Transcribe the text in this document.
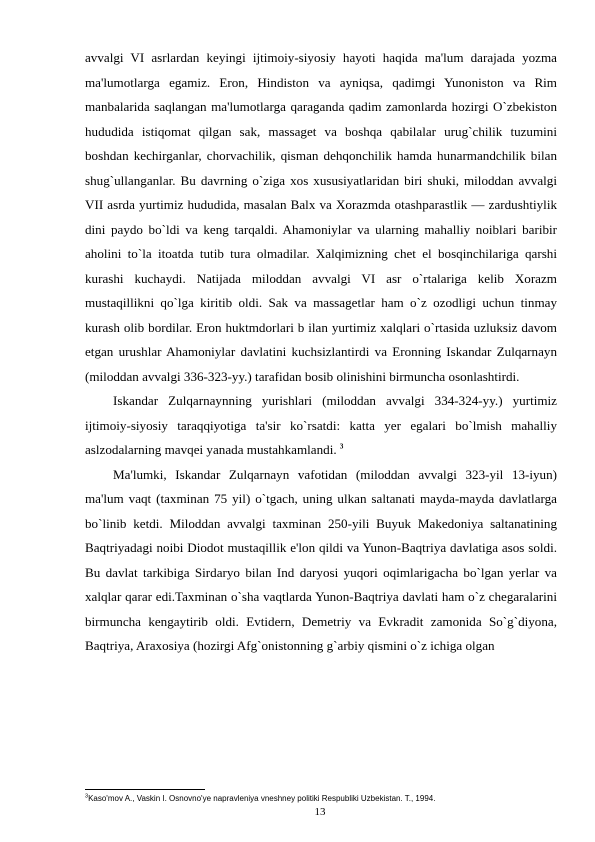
avvalgi VI asrlardan keyingi ijtimoiy-siyosiy hayoti haqida ma'lum darajada yozma ma'lumotlarga egamiz. Eron, Hindiston va ayniqsa, qadimgi Yunoniston va Rim manbalarida saqlangan ma'lumotlarga qaraganda qadim zamonlarda hozirgi O`zbekiston hududida istiqomat qilgan sak, massaget va boshqa qabilalar urug`chilik tuzumini boshdan kechirganlar, chorvachilik, qisman dehqonchilik hamda hunarmandchilik bilan shug`ullanganlar. Bu davrning o`ziga xos xususiyatlaridan biri shuki, miloddan avvalgi VII asrda yurtimiz hududida, masalan Balx va Xorazmda otashparastlik — zardushtiylik dini paydo bo`ldi va keng tarqaldi. Ahamoniylar va ularning mahalliy noiblari baribir aholini to`la itoatda tutib tura olmadilar. Xalqimizning chet el bosqinchilariga qarshi kurashi kuchaydi. Natijada miloddan avvalgi VI asr o`rtalariga kelib Xorazm mustaqillikni qo`lga kiritib oldi. Sak va massagetlar ham o`z ozodligi uchun tinmay kurash olib bordilar. Eron huktmdorlari b ilan yurtimiz xalqlari o`rtasida uzluksiz davom etgan urushlar Ahamoniylar davlatini kuchsizlantirdi va Eronning Iskandar Zulqarnayn (miloddan avvalgi 336-323-yy.) tarafidan bosib olinishini birmuncha osonlashtirdi.

Iskandar Zulqarnaynning yurishlari (miloddan avvalgi 334-324-yy.) yurtimiz ijtimoiy-siyosiy taraqqiyotiga ta'sir ko`rsatdi: katta yer egalari bo`lmish mahalliy aslzodalarning mavqei yanada mustahkamlandi. $^3$

Ma'lumki, Iskandar Zulqarnayn vafotidan (miloddan avvalgi 323-yil 13-iyun) ma'lum vaqt (taxminan 75 yil) o`tgach, uning ulkan saltanati mayda-mayda davlatlarga bo`linib ketdi. Miloddan avvalgi taxminan 250-yili Buyuk Makedoniya saltanatining Baqtriyadagi noibi Diodot mustaqillik e'lon qildi va Yunon-Baqtriya davlatiga asos soldi. Bu davlat tarkibiga Sirdaryo bilan Ind daryosi yuqori oqimlarigacha bo`lgan yerlar va xalqlar qarar edi.Taxminan o`sha vaqtlarda Yunon-Baqtriya davlati ham o`z chegaralarini birmuncha kengaytirib oldi. Evtidern, Demetriy va Evkradit zamonida So`g`diyona, Baqtriya, Araxosiya (hozirgi Afg`onistonning g`arbiy qismini o`z ichiga olgan

$^3$Kaso'mov A., Vaskin I. Osnovno'ye napravleniya vneshney politiki Respubliki Uzbekistan. T., 1994.
13
